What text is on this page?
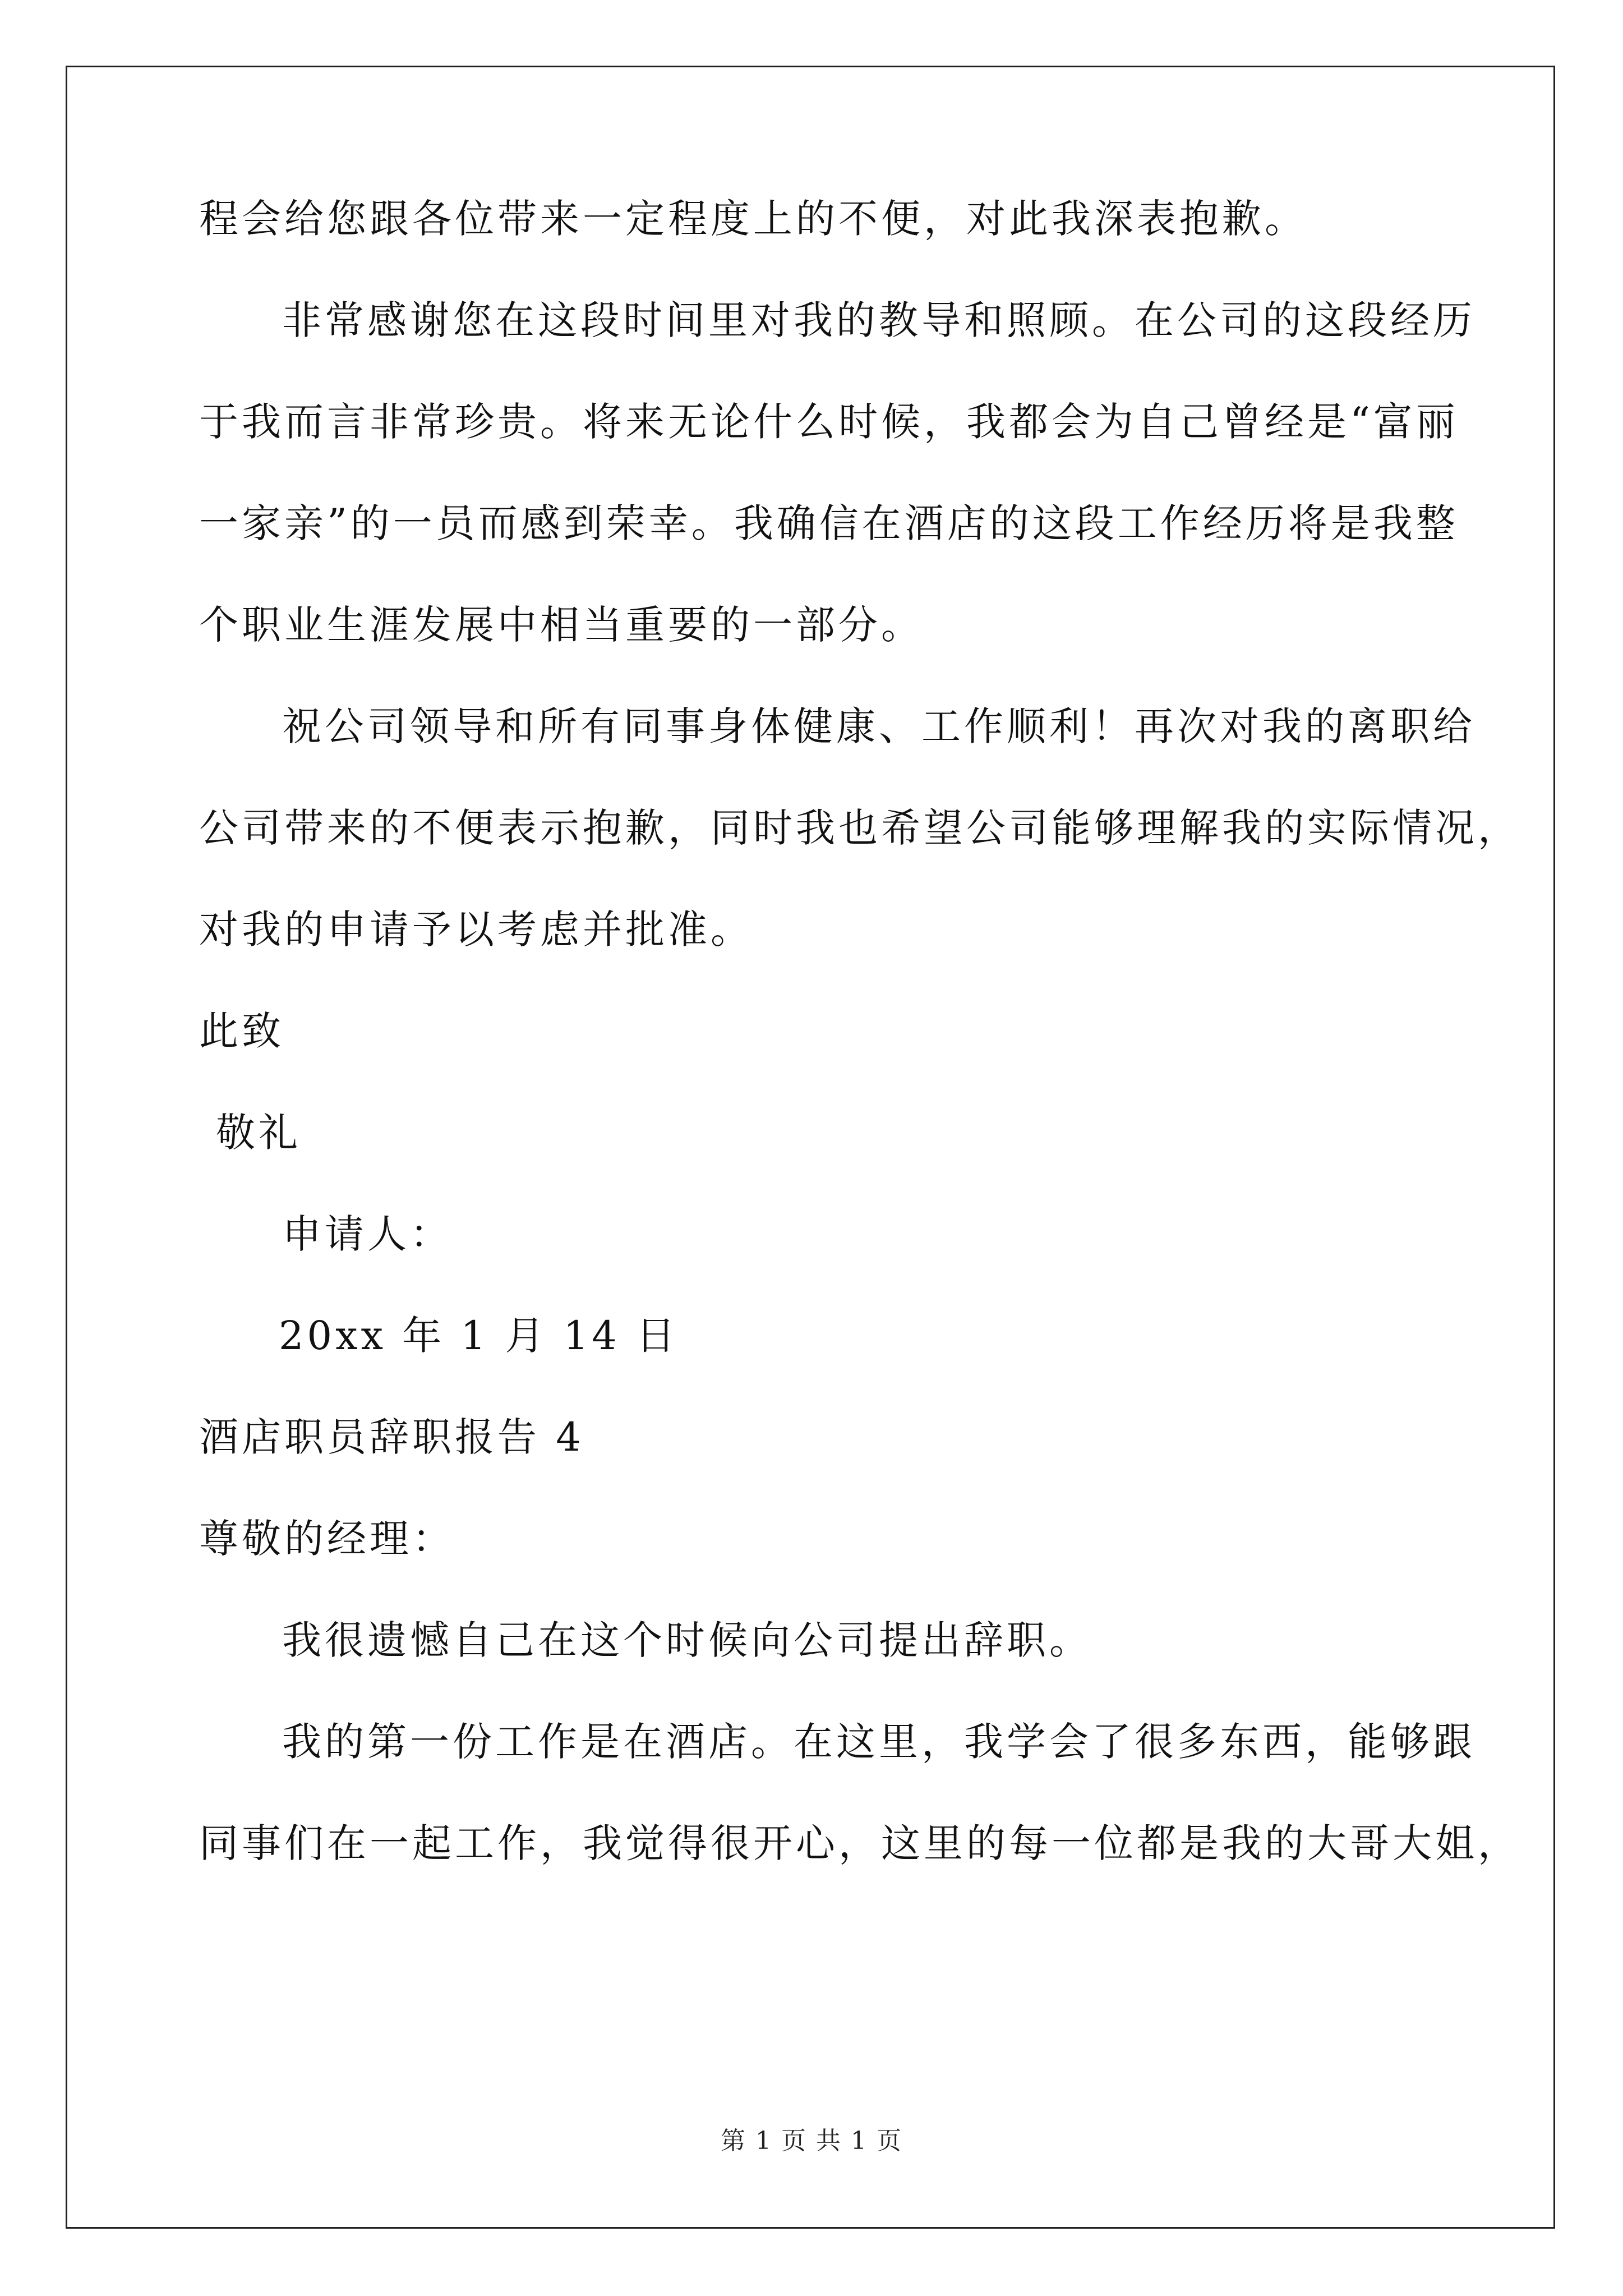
程会给您跟各位带来一定程度上的不便，对此我深表抱歉。
非常感谢您在这段时间里对我的教导和照顾。在公司的这段经历
于我而言非常珍贵。将来无论什么时候，我都会为自己曾经是“富丽
一家亲”的一员而感到荣幸。我确信在酒店的这段工作经历将是我整
个职业生涯发展中相当重要的一部分。
祝公司领导和所有同事身体健康、工作顺利！再次对我的离职给
公司带来的不便表示抱歉，同时我也希望公司能够理解我的实际情况，
对我的申请予以考虑并批准。
此致
敬礼
申请人：
20xx 年 1 月 14 日
酒店职员辞职报告 4
尊敬的经理：
我很遗憾自己在这个时候向公司提出辞职。
我的第一份工作是在酒店。在这里，我学会了很多东西，能够跟
同事们在一起工作，我觉得很开心，这里的每一位都是我的大哥大姐，
第 1 页 共 1 页
